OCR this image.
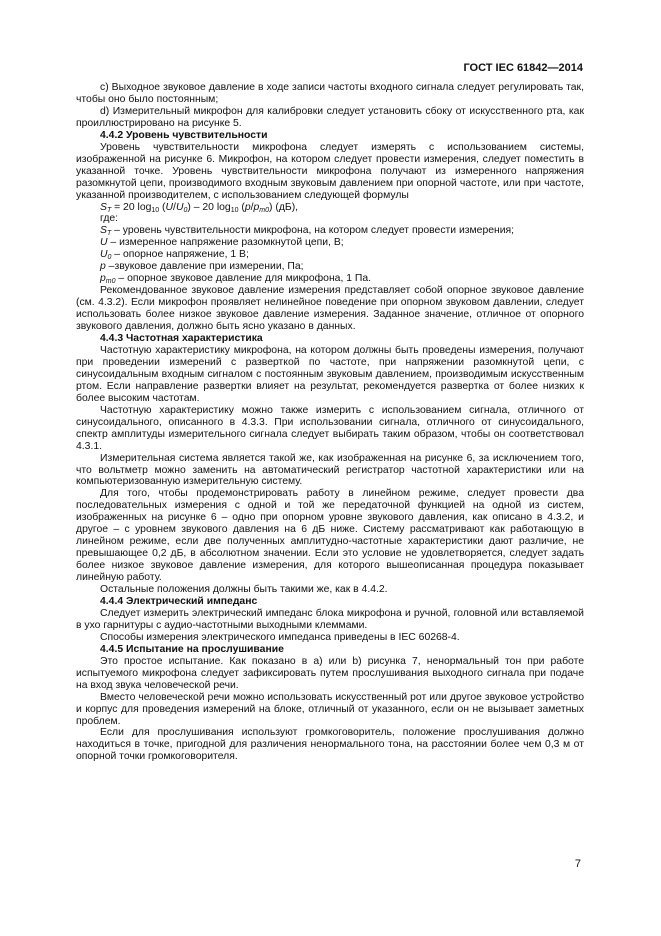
ГОСТ IEC 61842—2014

c) Выходное звуковое давление в ходе записи частоты входного сигнала следует регулировать так, чтобы оно было постоянным;

d) Измерительный микрофон для калибровки следует установить сбоку от искусственного рта, как проиллюстрировано на рисунке 5.

4.4.2 Уровень чувствительности

Уровень чувствительности микрофона следует измерять с использованием системы, изображенной на рисунке 6. Микрофон, на котором следует провести измерения, следует поместить в указанной точке. Уровень чувствительности микрофона получают из измеренного напряжения разомкнутой цепи, производимого входным звуковым давлением при опорной частоте, или при частоте, указанной производителем, с использованием следующей формулы

$S_T = 20$ $\log_{10} (U/U_0) - 20$ $\log_{10} (p/p_{m0})$ (дБ),
где:
$S_T$ – уровень чувствительности микрофона, на котором следует провести измерения;
U – измеренное напряжение разомкнутой цепи, В;
$U_0$ – опорное напряжение, 1 В;
p –звуковое давление при измерении, Па;
$p_{m0}$ – опорное звуковое давление для микрофона, 1 Па.

Рекомендованное звуковое давление измерения представляет собой опорное звуковое давление (см. 4.3.2). Если микрофон проявляет нелинейное поведение при опорном звуковом давлении, следует использовать более низкое звуковое давление измерения. Заданное значение, отличное от опорного звукового давления, должно быть ясно указано в данных.

4.4.3 Частотная характеристика

Частотную характеристику микрофона, на котором должны быть проведены измерения, получают при проведении измерений с разверткой по частоте, при напряжении разомкнутой цепи, с синусоидальным входным сигналом с постоянным звуковым давлением, производимым искусственным ртом. Если направление развертки влияет на результат, рекомендуется развертка от более низких к более высоким частотам.

Частотную характеристику можно также измерить с использованием сигнала, отличного от синусоидального, описанного в 4.3.3. При использовании сигнала, отличного от синусоидального, спектр амплитуды измерительного сигнала следует выбирать таким образом, чтобы он соответствовал 4.3.1.

Измерительная система является такой же, как изображенная на рисунке 6, за исключением того, что вольтметр можно заменить на автоматический регистратор частотной характеристики или на компьютеризованную измерительную систему.

Для того, чтобы продемонстрировать работу в линейном режиме, следует провести два последовательных измерения с одной и той же передаточной функцией на одной из систем, изображенных на рисунке 6 – одно при опорном уровне звукового давления, как описано в 4.3.2, и другое – с уровнем звукового давления на 6 дБ ниже. Систему рассматривают как работающую в линейном режиме, если две полученных амплитудно-частотные характеристики дают различие, не превышающее 0,2 дБ, в абсолютном значении. Если это условие не удовлетворяется, следует задать более низкое звуковое давление измерения, для которого вышеописанная процедура показывает линейную работу.

Остальные положения должны быть такими же, как в 4.4.2.

4.4.4 Электрический импеданс

Следует измерить электрический импеданс блока микрофона и ручной, головной или вставляемой в ухо гарнитуры с аудио-частотными выходными клеммами.

Способы измерения электрического импеданса приведены в IEC 60268-4.

4.4.5 Испытание на прослушивание

Это простое испытание. Как показано в a) или b) рисунка 7, ненормальный тон при работе испытуемого микрофона следует зафиксировать путем прослушивания выходного сигнала при подаче на вход звука человеческой речи.

Вместо человеческой речи можно использовать искусственный рот или другое звуковое устройство и корпус для проведения измерений на блоке, отличный от указанного, если он не вызывает заметных проблем.

Если для прослушивания используют громкоговоритель, положение прослушивания должно находиться в точке, пригодной для различения ненормального тона, на расстоянии более чем 0,3 м от опорной точки громкоговорителя.

7
